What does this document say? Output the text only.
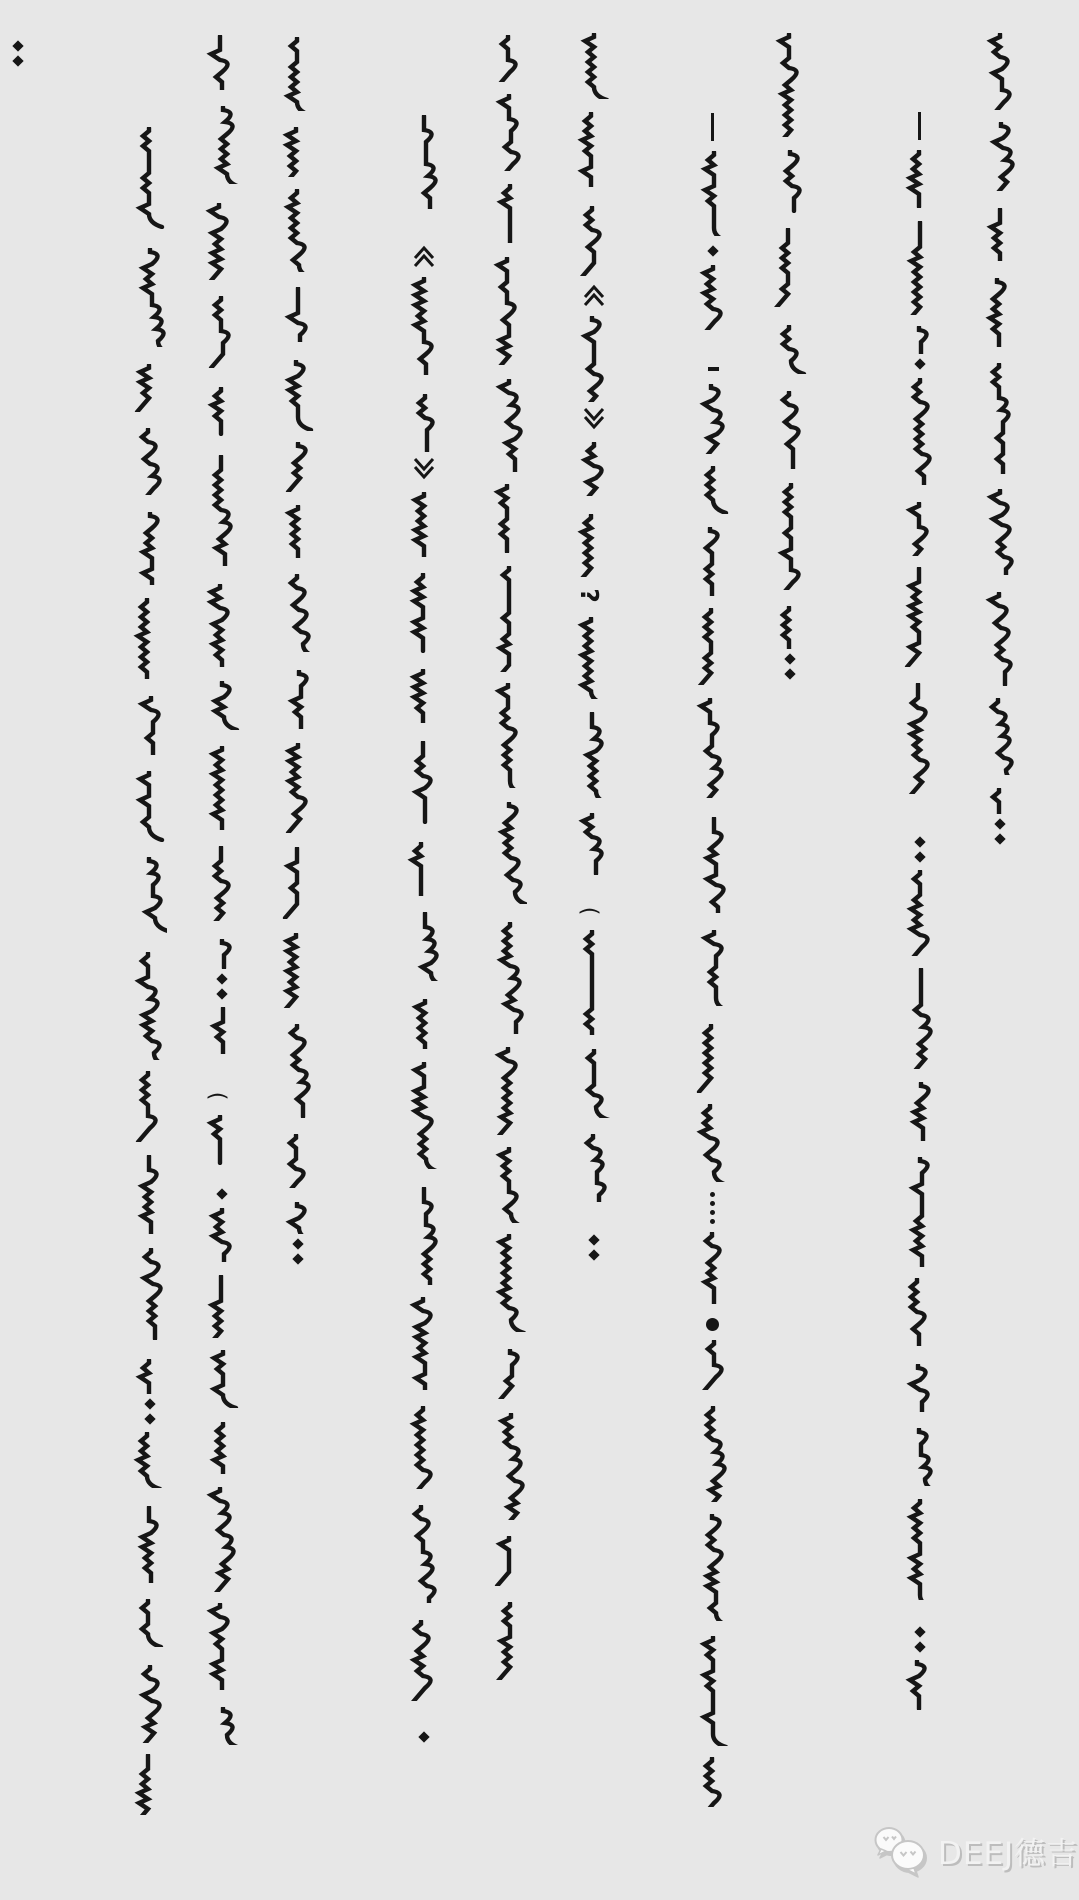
(
?
(
DEEJ德吉
